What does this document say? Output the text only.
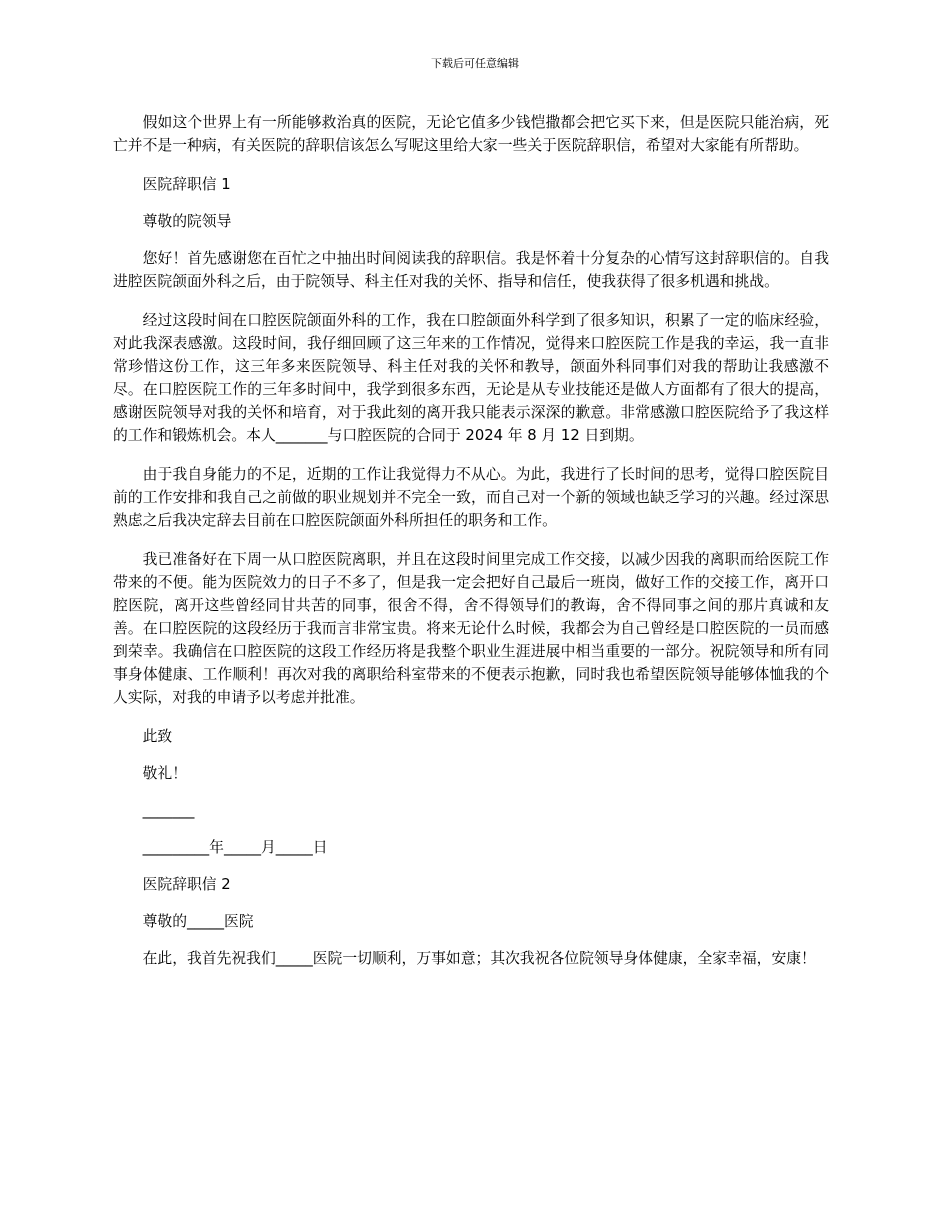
下载后可任意编辑

假如这个世界上有一所能够救治真的医院，无论它值多少钱恺撒都会把它买下来，但是医院只能治病，死亡并不是一种病，有关医院的辞职信该怎么写呢这里给大家一些关于医院辞职信，希望对大家能有所帮助。

医院辞职信 1

尊敬的院领导

您好！首先感谢您在百忙之中抽出时间阅读我的辞职信。我是怀着十分复杂的心情写这封辞职信的。自我进腔医院颌面外科之后，由于院领导、科主任对我的关怀、指导和信任，使我获得了很多机遇和挑战。

经过这段时间在口腔医院颌面外科的工作，我在口腔颌面外科学到了很多知识，积累了一定的临床经验，对此我深表感激。这段时间，我仔细回顾了这三年来的工作情况，觉得来口腔医院工作是我的幸运，我一直非常珍惜这份工作，这三年多来医院领导、科主任对我的关怀和教导，颌面外科同事们对我的帮助让我感激不尽。在口腔医院工作的三年多时间中，我学到很多东西，无论是从专业技能还是做人方面都有了很大的提高，感谢医院领导对我的关怀和培育，对于我此刻的离开我只能表示深深的歉意。非常感激口腔医院给予了我这样的工作和锻炼机会。本人_______与口腔医院的合同于 2024 年 8 月 12 日到期。

由于我自身能力的不足，近期的工作让我觉得力不从心。为此，我进行了长时间的思考，觉得口腔医院目前的工作安排和我自己之前做的职业规划并不完全一致，而自己对一个新的领域也缺乏学习的兴趣。经过深思熟虑之后我决定辞去目前在口腔医院颌面外科所担任的职务和工作。

我已准备好在下周一从口腔医院离职，并且在这段时间里完成工作交接，以减少因我的离职而给医院工作带来的不便。能为医院效力的日子不多了，但是我一定会把好自己最后一班岗，做好工作的交接工作，离开口腔医院，离开这些曾经同甘共苦的同事，很舍不得，舍不得领导们的教诲，舍不得同事之间的那片真诚和友善。在口腔医院的这段经历于我而言非常宝贵。将来无论什么时候，我都会为自己曾经是口腔医院的一员而感到荣幸。我确信在口腔医院的这段工作经历将是我整个职业生涯进展中相当重要的一部分。祝院领导和所有同事身体健康、工作顺利！再次对我的离职给科室带来的不便表示抱歉，同时我也希望医院领导能够体恤我的个人实际，对我的申请予以考虑并批准。

此致

敬礼！

_______

_________年_____月_____日

医院辞职信 2

尊敬的_____医院

在此，我首先祝我们_____医院一切顺利，万事如意；其次我祝各位院领导身体健康，全家幸福，安康！
